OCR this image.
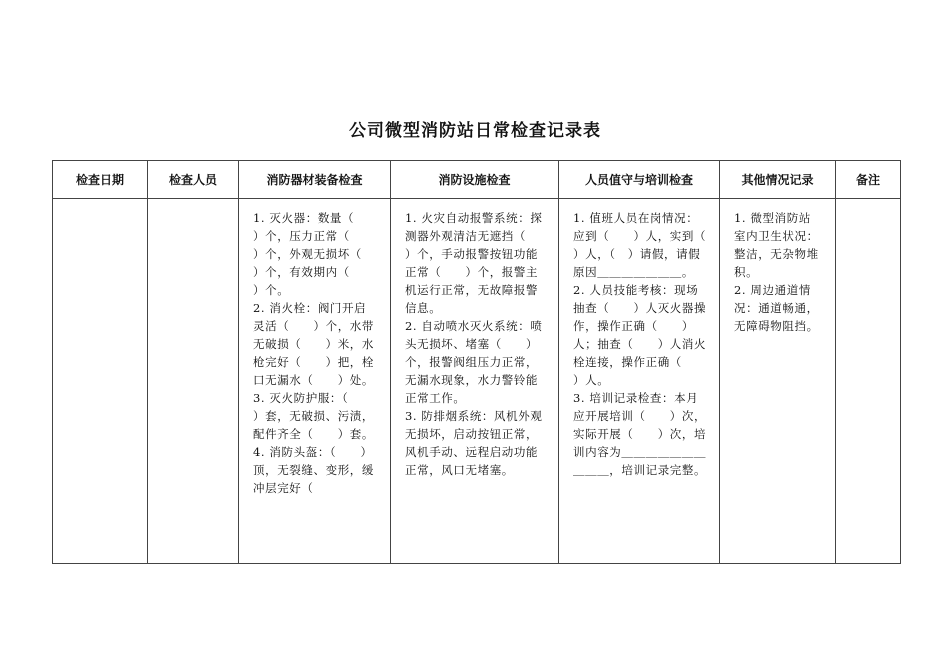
公司微型消防站日常检查记录表
检查日期	检查人员	消防器材装备检查	消防设施检查	人员值守与培训检查	其他情况记录	备注

		1. 灭火器：数量（　　）个，压力正常（　　）个，外观无损坏（　　）个，有效期内（　　）个。
2. 消火栓：阀门开启灵活（　　）个，水带无破损（　　）米，水枪完好（　　）把，栓口无漏水（　　）处。
3. 灭火防护服：（　　）套，无破损、污渍，配件齐全（　　）套。
4. 消防头盔：（　　）顶，无裂缝、变形，缓冲层完好（	1. 火灾自动报警系统：探测器外观清洁无遮挡（　　）个，手动报警按钮功能正常（　　）个，报警主机运行正常，无故障报警信息。
2. 自动喷水灭火系统：喷头无损坏、堵塞（　　）个，报警阀组压力正常，无漏水现象，水力警铃能正常工作。
3. 防排烟系统：风机外观无损坏，启动按钮正常，风机手动、远程启动功能正常，风口无堵塞。	1. 值班人员在岗情况：应到（　　）人，实到（　　）人，（　）请假，请假原因＿＿＿＿＿＿＿。
2. 人员技能考核：现场抽查（　　）人灭火器操作，操作正确（　　）人；抽查（　　）人消火栓连接，操作正确（　　）人。
3. 培训记录检查：本月应开展培训（　　）次，实际开展（　　）次，培训内容为＿＿＿＿＿＿＿＿＿＿，培训记录完整。	1. 微型消防站室内卫生状况：整洁，无杂物堆积。
2. 周边通道情况：通道畅通，无障碍物阻挡。	
